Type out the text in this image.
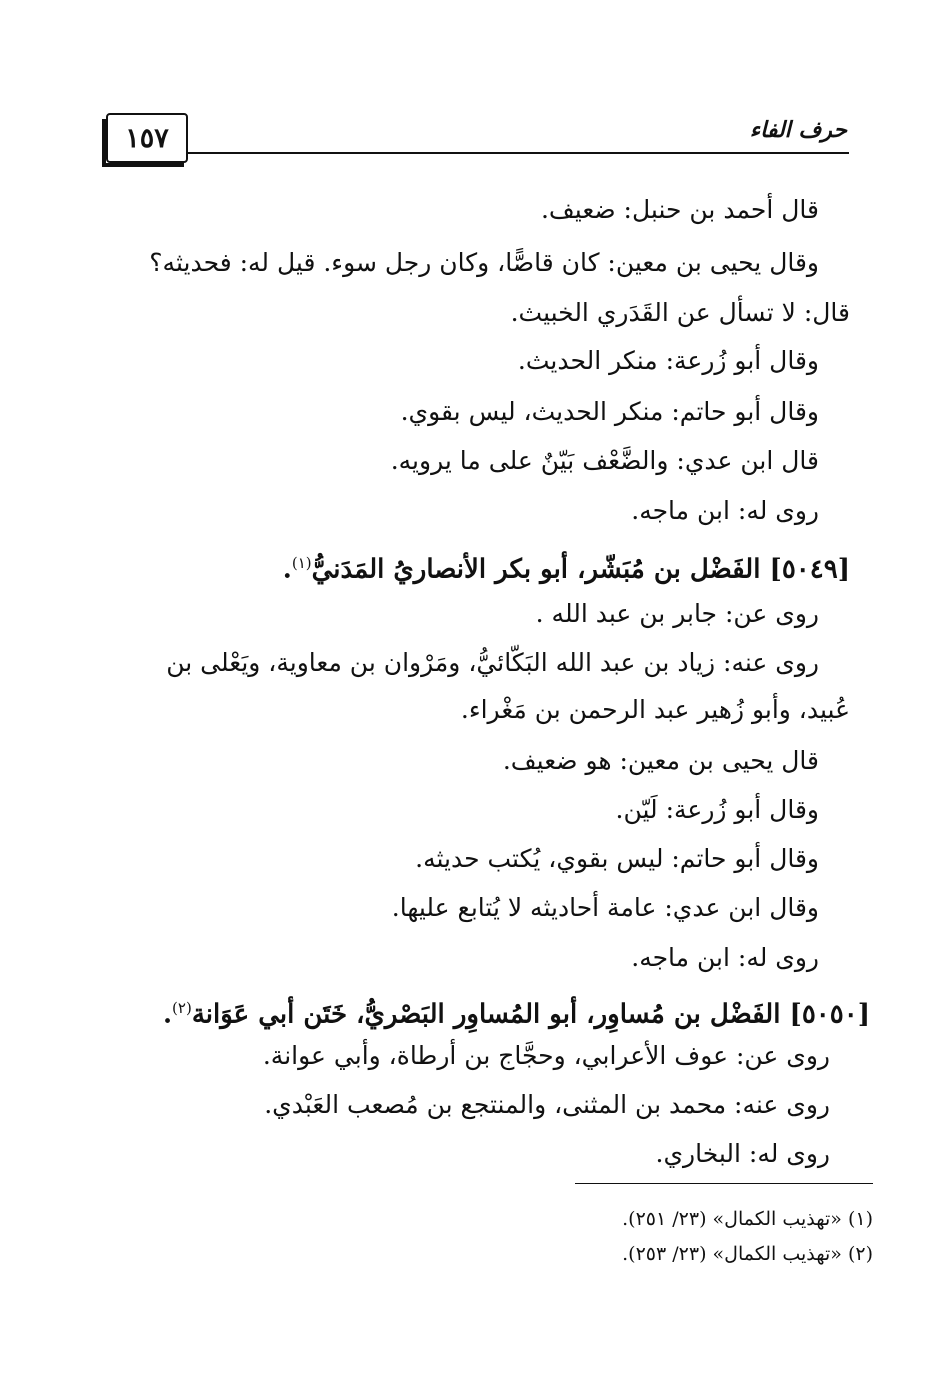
١٥٧	حرف الفاء
قال أحمد بن حنبل: ضعيف.
وقال يحيى بن معين: كان قاصًّا، وكان رجل سوء. قيل له: فحديثه؟
قال: لا تسأل عن القَدَري الخبيث.
وقال أبو زُرعة: منكر الحديث.
وقال أبو حاتم: منكر الحديث، ليس بقوي.
قال ابن عدي: والضَّعْف بَيّنٌ على ما يرويه.
روى له: ابن ماجه.
[٥٠٤٩] الفَضْل بن مُبَشّر، أبو بكر الأنصاريُ المَدَنيُّ$^{(١)}$.
روى عن: جابر بن عبد الله .
روى عنه: زياد بن عبد الله البَكّائيُّ، ومَرْوان بن معاوية، ويَعْلى بن
عُبيد، وأبو زُهير عبد الرحمن بن مَغْراء.
قال يحيى بن معين: هو ضعيف.
وقال أبو زُرعة: لَيّن.
وقال أبو حاتم: ليس بقوي، يُكتب حديثه.
وقال ابن عدي: عامة أحاديثه لا يُتابع عليها.
روى له: ابن ماجه.
[٥٠٥٠] الفَضْل بن مُساوِر، أبو المُساوِر البَصْريُّ، خَتَن أبي عَوَانة$^{(٢)}$.
روى عن: عوف الأعرابي، وحجَّاج بن أرطاة، وأبي عوانة.
روى عنه: محمد بن المثنى، والمنتجع بن مُصعب العَبْدي.
روى له: البخاري.
(١) «تهذيب الكمال» (٢٣/ ٢٥١).
(٢) «تهذيب الكمال» (٢٣/ ٢٥٣).
